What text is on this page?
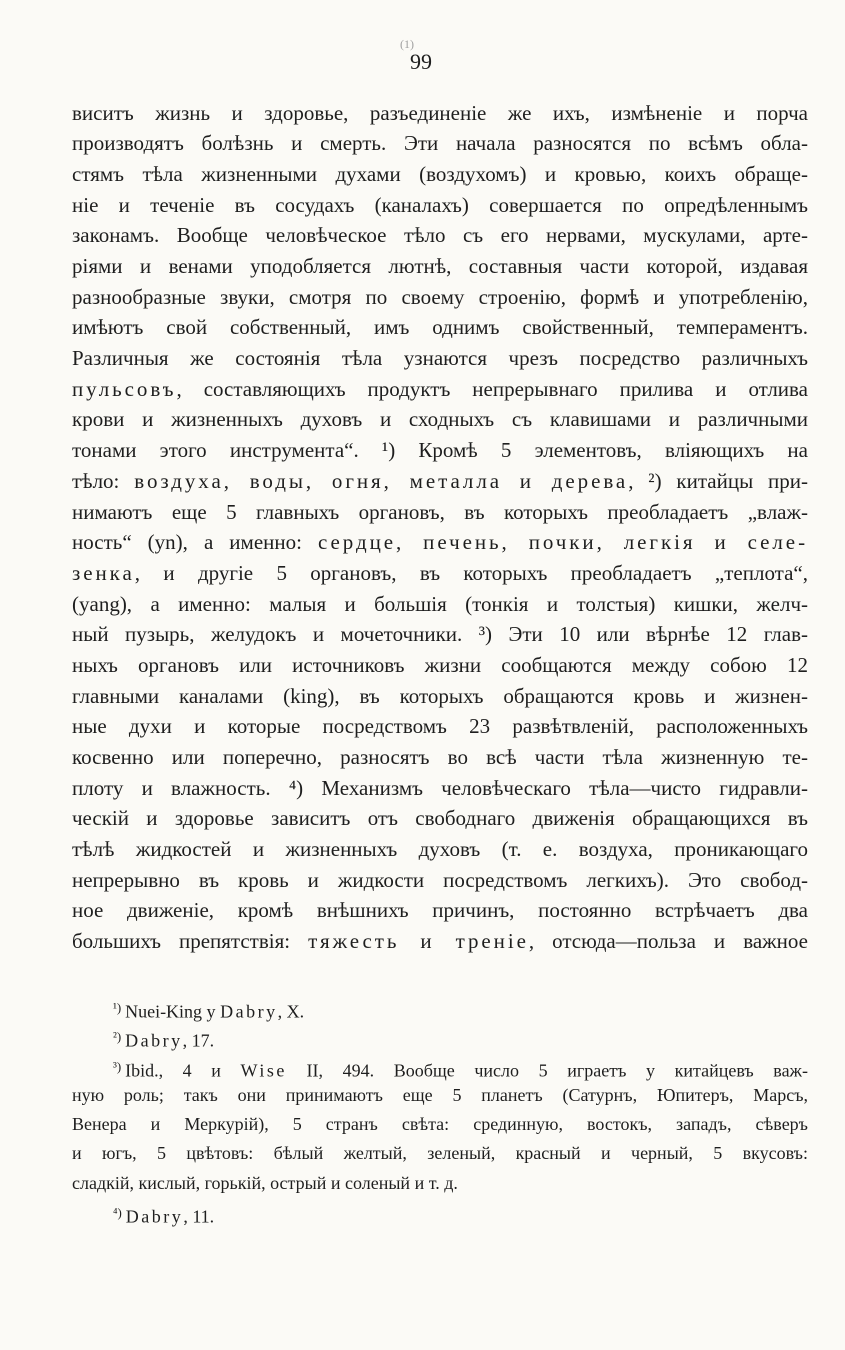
(1)
99
виситъ жизнь и здоровье, разъединеніе же ихъ, измѣненіе и порча
производятъ болѣзнь и смерть. Эти начала разносятся по всѣмъ обла-
стямъ тѣла жизненными духами (воздухомъ) и кровью, коихъ обраще-
ніе и теченіе въ сосудахъ (каналахъ) совершается по опредѣленнымъ
законамъ. Вообще человѣческое тѣло съ его нервами, мускулами, арте-
ріями и венами уподобляется лютнѣ, составныя части которой, издавая
разнообразные звуки, смотря по своему строенію, формѣ и употребленію,
имѣютъ свой собственный, имъ однимъ свойственный, темпераментъ.
Различныя же состоянія тѣла узнаются чрезъ посредство различныхъ
пульсовъ, составляющихъ продуктъ непрерывнаго прилива и отлива
крови и жизненныхъ духовъ и сходныхъ съ клавишами и различными
тонами этого инструмента“. ¹) Кромѣ 5 элементовъ, вліяющихъ на
тѣло: воздуха, воды, огня, металла и дерева, ²) китайцы при-
нимаютъ еще 5 главныхъ органовъ, въ которыхъ преобладаетъ „влаж-
ность“ (yn), а именно: сердце, печень, почки, легкія и селе-
зенка, и другіе 5 органовъ, въ которыхъ преобладаетъ „теплота“,
(yang), а именно: малыя и большія (тонкія и толстыя) кишки, желч-
ный пузырь, желудокъ и мочеточники. ³) Эти 10 или вѣрнѣе 12 глав-
ныхъ органовъ или источниковъ жизни сообщаются между собою 12
главными каналами (king), въ которыхъ обращаются кровь и жизнен-
ные духи и которые посредствомъ 23 развѣтвленій, расположенныхъ
косвенно или поперечно, разносятъ во всѣ части тѣла жизненную те-
плоту и влажность. ⁴) Механизмъ человѣческаго тѣла—чисто гидравли-
ческій и здоровье зависитъ отъ свободнаго движенія обращающихся въ
тѣлѣ жидкостей и жизненныхъ духовъ (т. е. воздуха, проникающаго
непрерывно въ кровь и жидкости посредствомъ легкихъ). Это свобод-
ное движеніе, кромѣ внѣшнихъ причинъ, постоянно встрѣчаетъ два
большихъ препятствія: тяжесть и треніе, отсюда—польза и важное
$^{^1)}$ Nuei-King у Dabry, X.
$^{^2)}$ Dabry, 17.
$^{^3)}$ Ibid., 4 и Wise II, 494. Вообще число 5 играетъ у китайцевъ важ-
ную роль; такъ они принимаютъ еще 5 планетъ (Сатурнъ, Юпитеръ, Марсъ,
Венера и Меркурій), 5 странъ свѣта: срединную, востокъ, западъ, сѣверъ
и югъ, 5 цвѣтовъ: бѣлый желтый, зеленый, красный и черный, 5 вкусовъ:
сладкій, кислый, горькій, острый и соленый и т. д.
$^{^4)}$ Dabry, 11.
